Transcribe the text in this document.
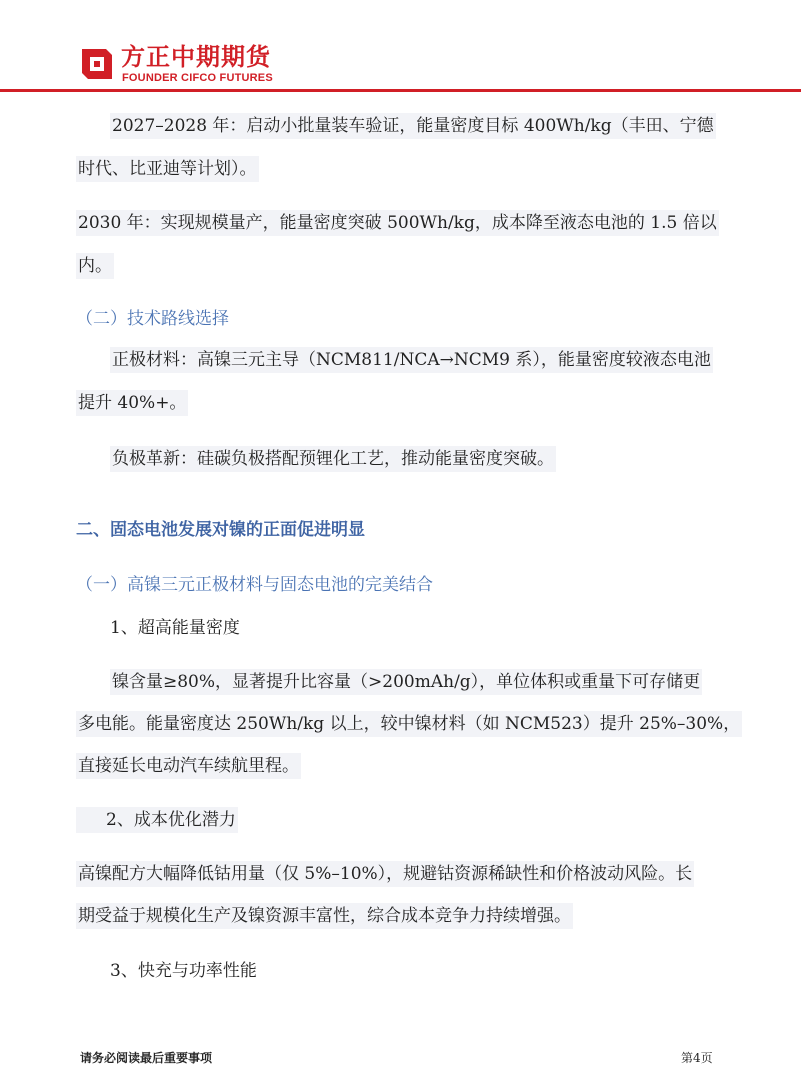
方正中期期货
FOUNDER CIFCO FUTURES
2027–2028 年：启动小批量装车验证，能量密度目标 400Wh/kg（丰田、宁德
时代、比亚迪等计划）。
2030 年：实现规模量产，能量密度突破 500Wh/kg，成本降至液态电池的 1.5 倍以
内。
（二）技术路线选择
正极材料：高镍三元主导（NCM811/NCA→NCM9 系），能量密度较液态电池
提升 40%+。
负极革新：硅碳负极搭配预锂化工艺，推动能量密度突破。
二、固态电池发展对镍的正面促进明显
（一）高镍三元正极材料与固态电池的完美结合
1、超高能量密度
镍含量≥80%，显著提升比容量（>200mAh/g），单位体积或重量下可存储更
多电能。能量密度达 250Wh/kg 以上，较中镍材料（如 NCM523）提升 25%–30%，
直接延长电动汽车续航里程。
2、成本优化潜力
高镍配方大幅降低钴用量（仅 5%–10%），规避钴资源稀缺性和价格波动风险。长
期受益于规模化生产及镍资源丰富性，综合成本竞争力持续增强。
3、快充与功率性能
请务必阅读最后重要事项	第4页
